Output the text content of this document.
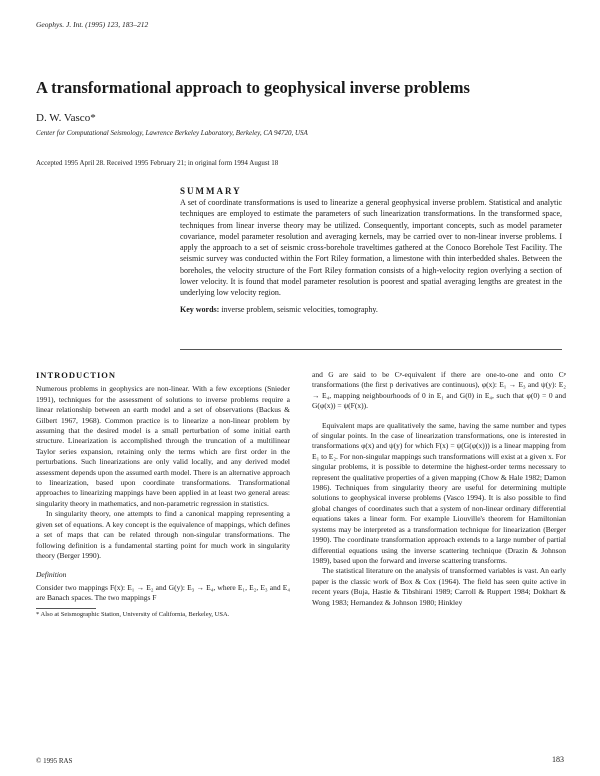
Geophys. J. Int. (1995) 123, 183–212
A transformational approach to geophysical inverse problems
D. W. Vasco*
Center for Computational Seismology, Lawrence Berkeley Laboratory, Berkeley, CA 94720, USA
Accepted 1995 April 28. Received 1995 February 21; in original form 1994 August 18
SUMMARY

A set of coordinate transformations is used to linearize a general geophysical inverse problem. Statistical and analytic techniques are employed to estimate the parameters of such linearization transformations. In the transformed space, techniques from linear inverse theory may be utilized. Consequently, important concepts, such as model parameter covariance, model parameter resolution and averaging kernels, may be carried over to non-linear inverse problems. I apply the approach to a set of seismic cross-borehole traveltimes gathered at the Conoco Borehole Test Facility. The seismic survey was conducted within the Fort Riley formation, a limestone with thin interbedded shales. Between the boreholes, the velocity structure of the Fort Riley formation consists of a high-velocity region overlying a section of lower velocity. It is found that model parameter resolution is poorest and spatial averaging lengths are greatest in the underlying low velocity region.

Key words: inverse problem, seismic velocities, tomography.
INTRODUCTION

Numerous problems in geophysics are non-linear. With a few exceptions (Snieder 1991), techniques for the assessment of solutions to inverse problems require a linear relationship between an earth model and a set of observations (Backus & Gilbert 1967, 1968). Common practice is to linearize a non-linear problem by assuming that the desired model is a small perturbation of some initial earth structure. Linearization is accomplished through the truncation of a multilinear Taylor series expansion, retaining only the terms which are first order in the perturbations. Such linearizations are only valid locally, and any derived model assessment depends upon the assumed earth model. There is an alternative approach to linearization, based upon coordinate transformations. Transformational approaches to linearizing mappings have been applied in at least two general areas: singularity theory in mathematics, and non-parametric regression in statistics.

In singularity theory, one attempts to find a canonical mapping representing a given set of equations. A key concept is the equivalence of mappings, which defines a set of maps that can be related through non-singular transformations. The following definition is a fundamental starting point for much work in singularity theory (Berger 1990).

Definition

Consider two mappings F(x): E₁ → E₂ and G(y): E₃ → E₄, where E₁, E₂, E₃ and E₄ are Banach spaces. The two mappings F

* Also at Seismographic Station, University of California, Berkeley, USA.

and G are said to be Cᵖ-equivalent if there are one-to-one and onto Cᵖ transformations (the first p derivatives are continuous), φ(x): E₁ → E₃ and ψ(y): E₂ → E₄, mapping neighbourhoods of 0 in E₁ and G(0) in E₄, such that φ(0) = 0 and G(φ(x)) = ψ(F(x)).

Equivalent maps are qualitatively the same, having the same number and types of singular points. In the case of linearization transformations, one is interested in transformations φ(x) and ψ(y) for which F(x) = ψ(G(φ(x))) is a linear mapping from E₁ to E₂. For non-singular mappings such transformations will exist at a given x. For singular problems, it is possible to determine the highest-order terms necessary to represent the qualitative properties of a given mapping (Chow & Hale 1982; Damon 1986). Techniques from singularity theory are useful for determining multiple solutions to geophysical inverse problems (Vasco 1994). It is also possible to find global changes of coordinates such that a system of non-linear ordinary differential equations takes a linear form. For example Liouville's theorem for Hamiltonian systems may be interpreted as a transformation technique for linearization (Berger 1990). The coordinate transformation approach extends to a large number of partial differential equations using the inverse scattering technique (Drazin & Johnson 1989), based upon the forward and inverse scattering transforms.

The statistical literature on the analysis of transformed variables is vast. An early paper is the classic work of Box & Cox (1964). The field has seen quite active in recent years (Buja, Hastie & Tibshirani 1989; Carroll & Ruppert 1984; Dokhart & Wong 1983; Hernandez & Johnson 1980; Hinkley

© 1995 RAS	183
